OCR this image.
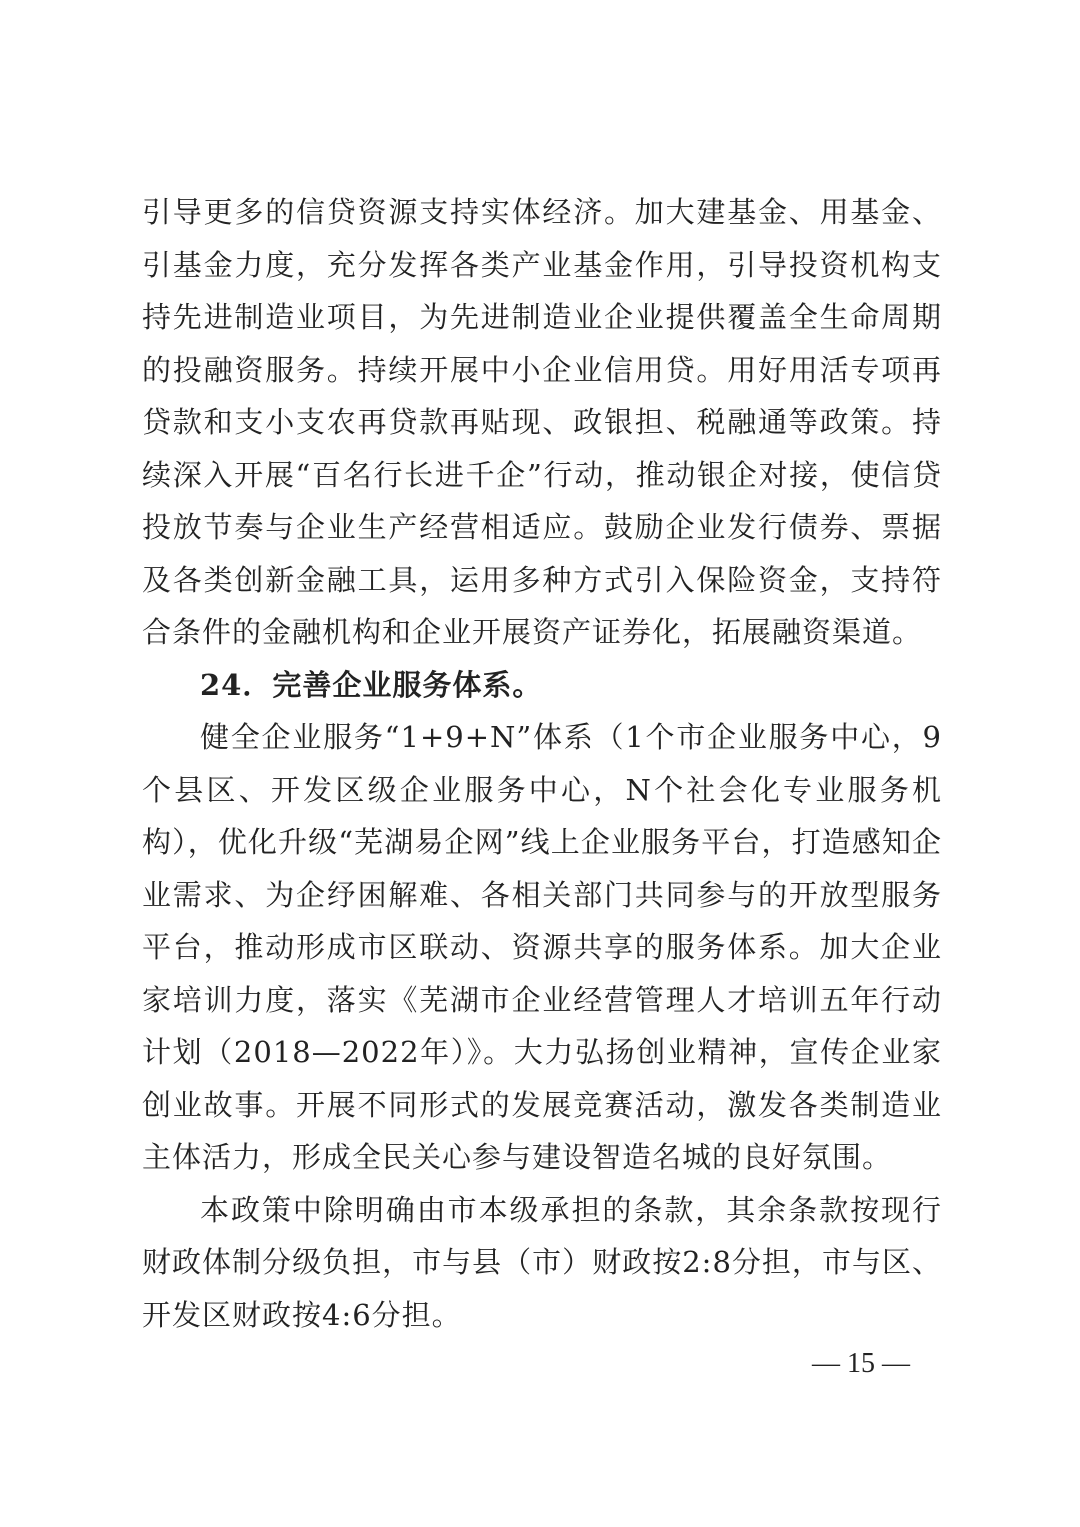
引导更多的信贷资源支持实体经济。加大建基金、用基金、引基金力度，充分发挥各类产业基金作用，引导投资机构支持先进制造业项目，为先进制造业企业提供覆盖全生命周期的投融资服务。持续开展中小企业信用贷。用好用活专项再贷款和支小支农再贷款再贴现、政银担、税融通等政策。持续深入开展“百名行长进千企”行动，推动银企对接，使信贷投放节奏与企业生产经营相适应。鼓励企业发行债券、票据及各类创新金融工具，运用多种方式引入保险资金，支持符合条件的金融机构和企业开展资产证券化，拓展融资渠道。

24．完善企业服务体系。

健全企业服务“1+9+N”体系（1个市企业服务中心，9个县区、开发区级企业服务中心，N个社会化专业服务机构），优化升级“芜湖易企网”线上企业服务平台，打造感知企业需求、为企纾困解难、各相关部门共同参与的开放型服务平台，推动形成市区联动、资源共享的服务体系。加大企业家培训力度，落实《芜湖市企业经营管理人才培训五年行动计划（2018—2022年）》。大力弘扬创业精神，宣传企业家创业故事。开展不同形式的发展竞赛活动，激发各类制造业主体活力，形成全民关心参与建设智造名城的良好氛围。

本政策中除明确由市本级承担的条款，其余条款按现行财政体制分级负担，市与县（市）财政按2:8分担，市与区、开发区财政按4:6分担。

— 15 —
